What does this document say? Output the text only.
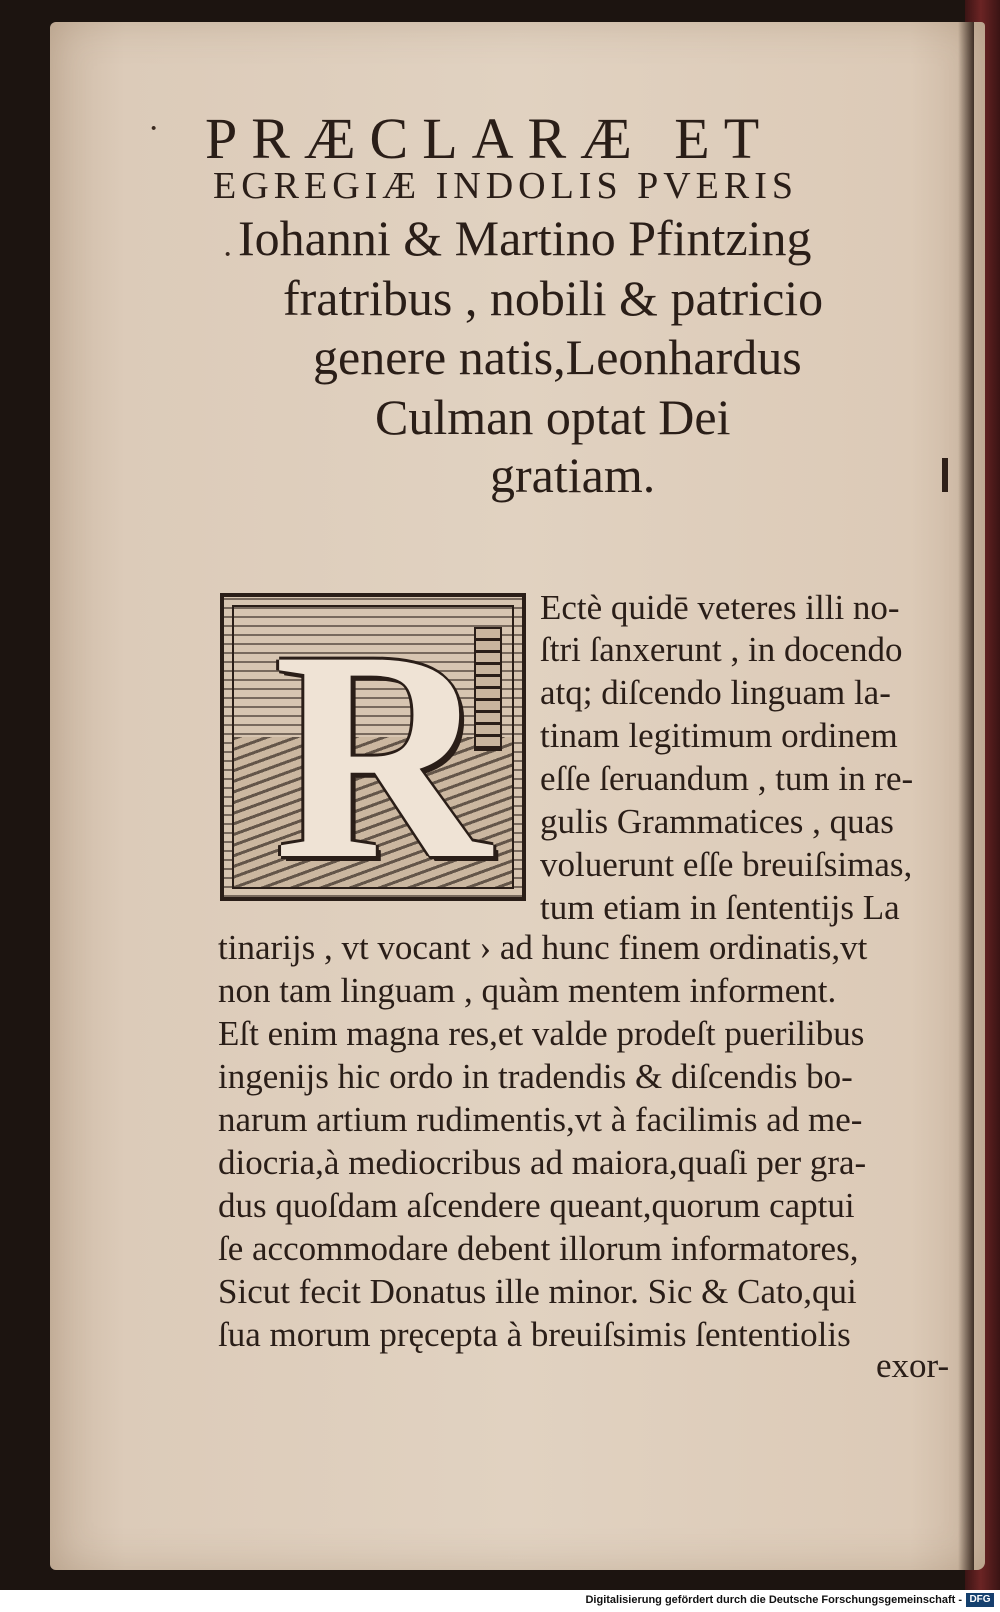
·
·
PRÆCLARÆ ET
EGREGIÆ INDOLIS PVERIS
Iohanni & Martino Pfintzing
fratribus , nobili & patricio
genere natis,Leonhardus
Culman optat Dei
gratiam.
R Ectè quidē veteres illi no-
ſtri ſanxerunt , in docendo
atq; diſcendo linguam la-
tinam legitimum ordinem
eſſe ſeruandum , tum in re-
gulis Grammatices , quas
voluerunt eſſe breuiſsimas,
tum etiam in ſententijs La
tinarijs , vt vocant › ad hunc finem ordinatis,vt
non tam linguam , quàm mentem informent.
Eſt enim magna res,et valde prodeſt puerilibus
ingenijs hic ordo in tradendis & diſcendis bo-
narum artium rudimentis,vt à facilimis ad me-
diocria,à mediocribus ad maiora,quaſi per gra-
dus quoſdam aſcendere queant,quorum captui
ſe accommodare debent illorum informatores,
Sicut fecit Donatus ille minor. Sic & Cato,qui
ſua morum pręcepta à breuiſsimis ſententiolis
exor-
Digitalisierung gefördert durch die Deutsche Forschungsgemeinschaft - DFG
